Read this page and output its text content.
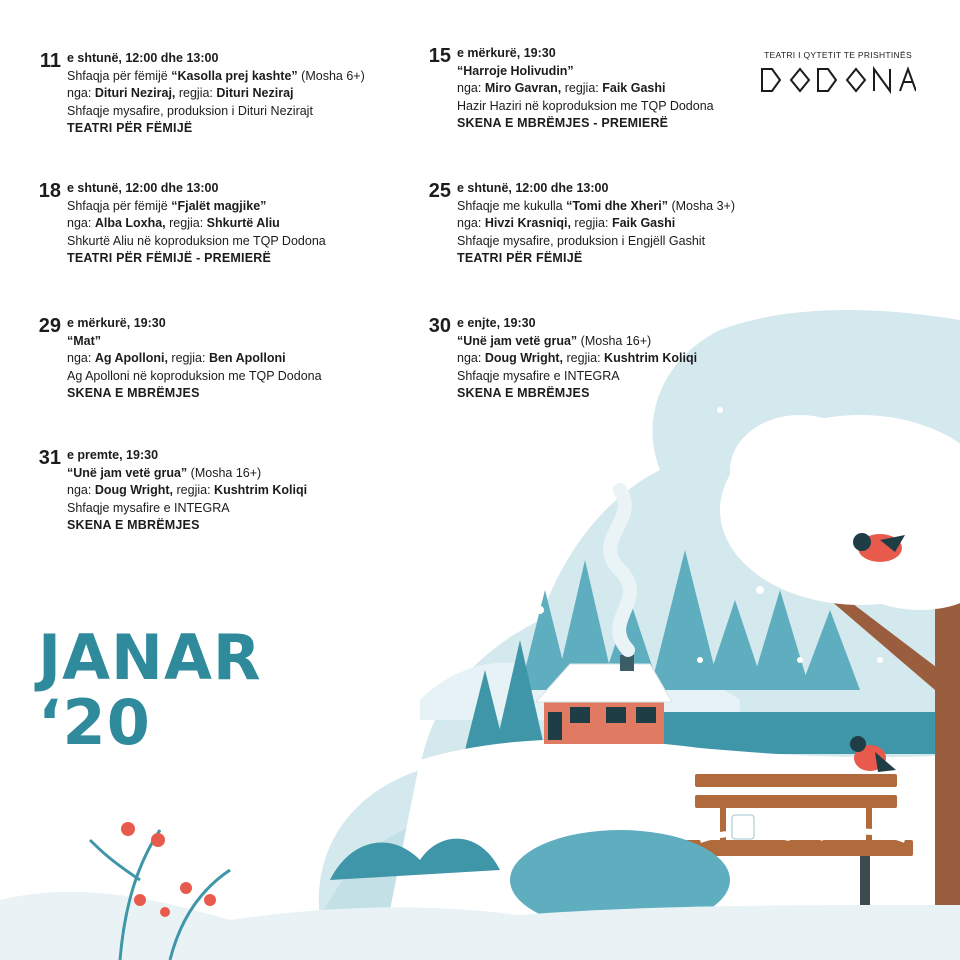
TEATRI I QYTETIT TE PRISHTINËS
11 e shtunë, 12:00 dhe 13:00
Shfaqja për fëmijë “Kasolla prej kashte” (Mosha 6+)
nga: Dituri Neziraj, regjia: Dituri Neziraj
Shfaqje mysafire, produksion i Dituri Nezirajt
TEATRI PËR FËMIJË
15 e mërkurë, 19:30
“Harroje Holivudin”
nga: Miro Gavran, regjia: Faik Gashi
Hazir Haziri në koproduksion me TQP Dodona
SKENA E MBRËMJES - PREMIERË
18 e shtunë, 12:00 dhe 13:00
Shfaqja për fëmijë “Fjalët magjike”
nga: Alba Loxha, regjia: Shkurtë Aliu
Shkurtë Aliu në koproduksion me TQP Dodona
TEATRI PËR FËMIJË - PREMIERË
25 e shtunë, 12:00 dhe 13:00
Shfaqje me kukulla “Tomi dhe Xheri” (Mosha 3+)
nga: Hivzi Krasniqi, regjia: Faik Gashi
Shfaqje mysafire, produksion i Engjëll Gashit
TEATRI PËR FËMIJË
29 e mërkurë, 19:30
“Mat”
nga: Ag Apolloni, regjia: Ben Apolloni
Ag Apolloni në koproduksion me TQP Dodona
SKENA E MBRËMJES
30 e enjte, 19:30
“Unë jam vetë grua” (Mosha 16+)
nga: Doug Wright, regjia: Kushtrim Koliqi
Shfaqje mysafire e INTEGRA
SKENA E MBRËMJES
31 e premte, 19:30
“Unë jam vetë grua” (Mosha 16+)
nga: Doug Wright, regjia: Kushtrim Koliqi
Shfaqje mysafire e INTEGRA
SKENA E MBRËMJES
JANAR
‘20
